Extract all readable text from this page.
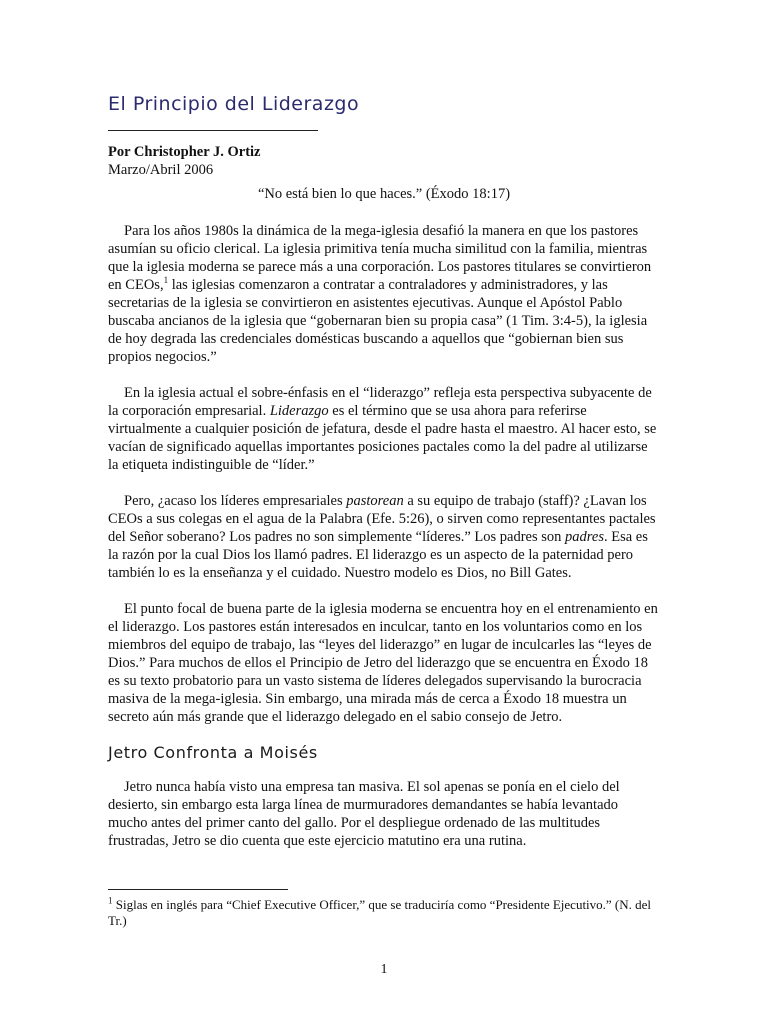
El Principio del Liderazgo
Por Christopher J. Ortiz
Marzo/Abril 2006
“No está bien lo que haces.” (Éxodo 18:17)

Para los años 1980s la dinámica de la mega-iglesia desafió la manera en que los pastores asumían su oficio clerical. La iglesia primitiva tenía mucha similitud con la familia, mientras que la iglesia moderna se parece más a una corporación. Los pastores titulares se convirtieron en CEOs,$^1$ las iglesias comenzaron a contratar a contraladores y administradores, y las secretarias de la iglesia se convirtieron en asistentes ejecutivas. Aunque el Apóstol Pablo buscaba ancianos de la iglesia que “gobernaran bien su propia casa” (1 Tim. 3:4-5), la iglesia de hoy degrada las credenciales domésticas buscando a aquellos que “gobiernan bien sus propios negocios.”

En la iglesia actual el sobre-énfasis en el “liderazgo” refleja esta perspectiva subyacente de la corporación empresarial. Liderazgo es el término que se usa ahora para referirse virtualmente a cualquier posición de jefatura, desde el padre hasta el maestro. Al hacer esto, se vacían de significado aquellas importantes posiciones pactales como la del padre al utilizarse la etiqueta indistinguible de “líder.”

Pero, ¿acaso los líderes empresariales pastorean a su equipo de trabajo (staff)? ¿Lavan los CEOs a sus colegas en el agua de la Palabra (Efe. 5:26), o sirven como representantes pactales del Señor soberano? Los padres no son simplemente “líderes.” Los padres son padres. Esa es la razón por la cual Dios los llamó padres. El liderazgo es un aspecto de la paternidad pero también lo es la enseñanza y el cuidado. Nuestro modelo es Dios, no Bill Gates.

El punto focal de buena parte de la iglesia moderna se encuentra hoy en el entrenamiento en el liderazgo. Los pastores están interesados en inculcar, tanto en los voluntarios como en los miembros del equipo de trabajo, las “leyes del liderazgo” en lugar de inculcarles las “leyes de Dios.” Para muchos de ellos el Principio de Jetro del liderazgo que se encuentra en Éxodo 18 es su texto probatorio para un vasto sistema de líderes delegados supervisando la burocracia masiva de la mega-iglesia. Sin embargo, una mirada más de cerca a Éxodo 18 muestra un secreto aún más grande que el liderazgo delegado en el sabio consejo de Jetro.

Jetro Confronta a Moisés

Jetro nunca había visto una empresa tan masiva. El sol apenas se ponía en el cielo del desierto, sin embargo esta larga línea de murmuradores demandantes se había levantado mucho antes del primer canto del gallo. Por el despliegue ordenado de las multitudes frustradas, Jetro se dio cuenta que este ejercicio matutino era una rutina.

$^1$ Siglas en inglés para “Chief Executive Officer,” que se traduciría como “Presidente Ejecutivo.” (N. del Tr.)
1
